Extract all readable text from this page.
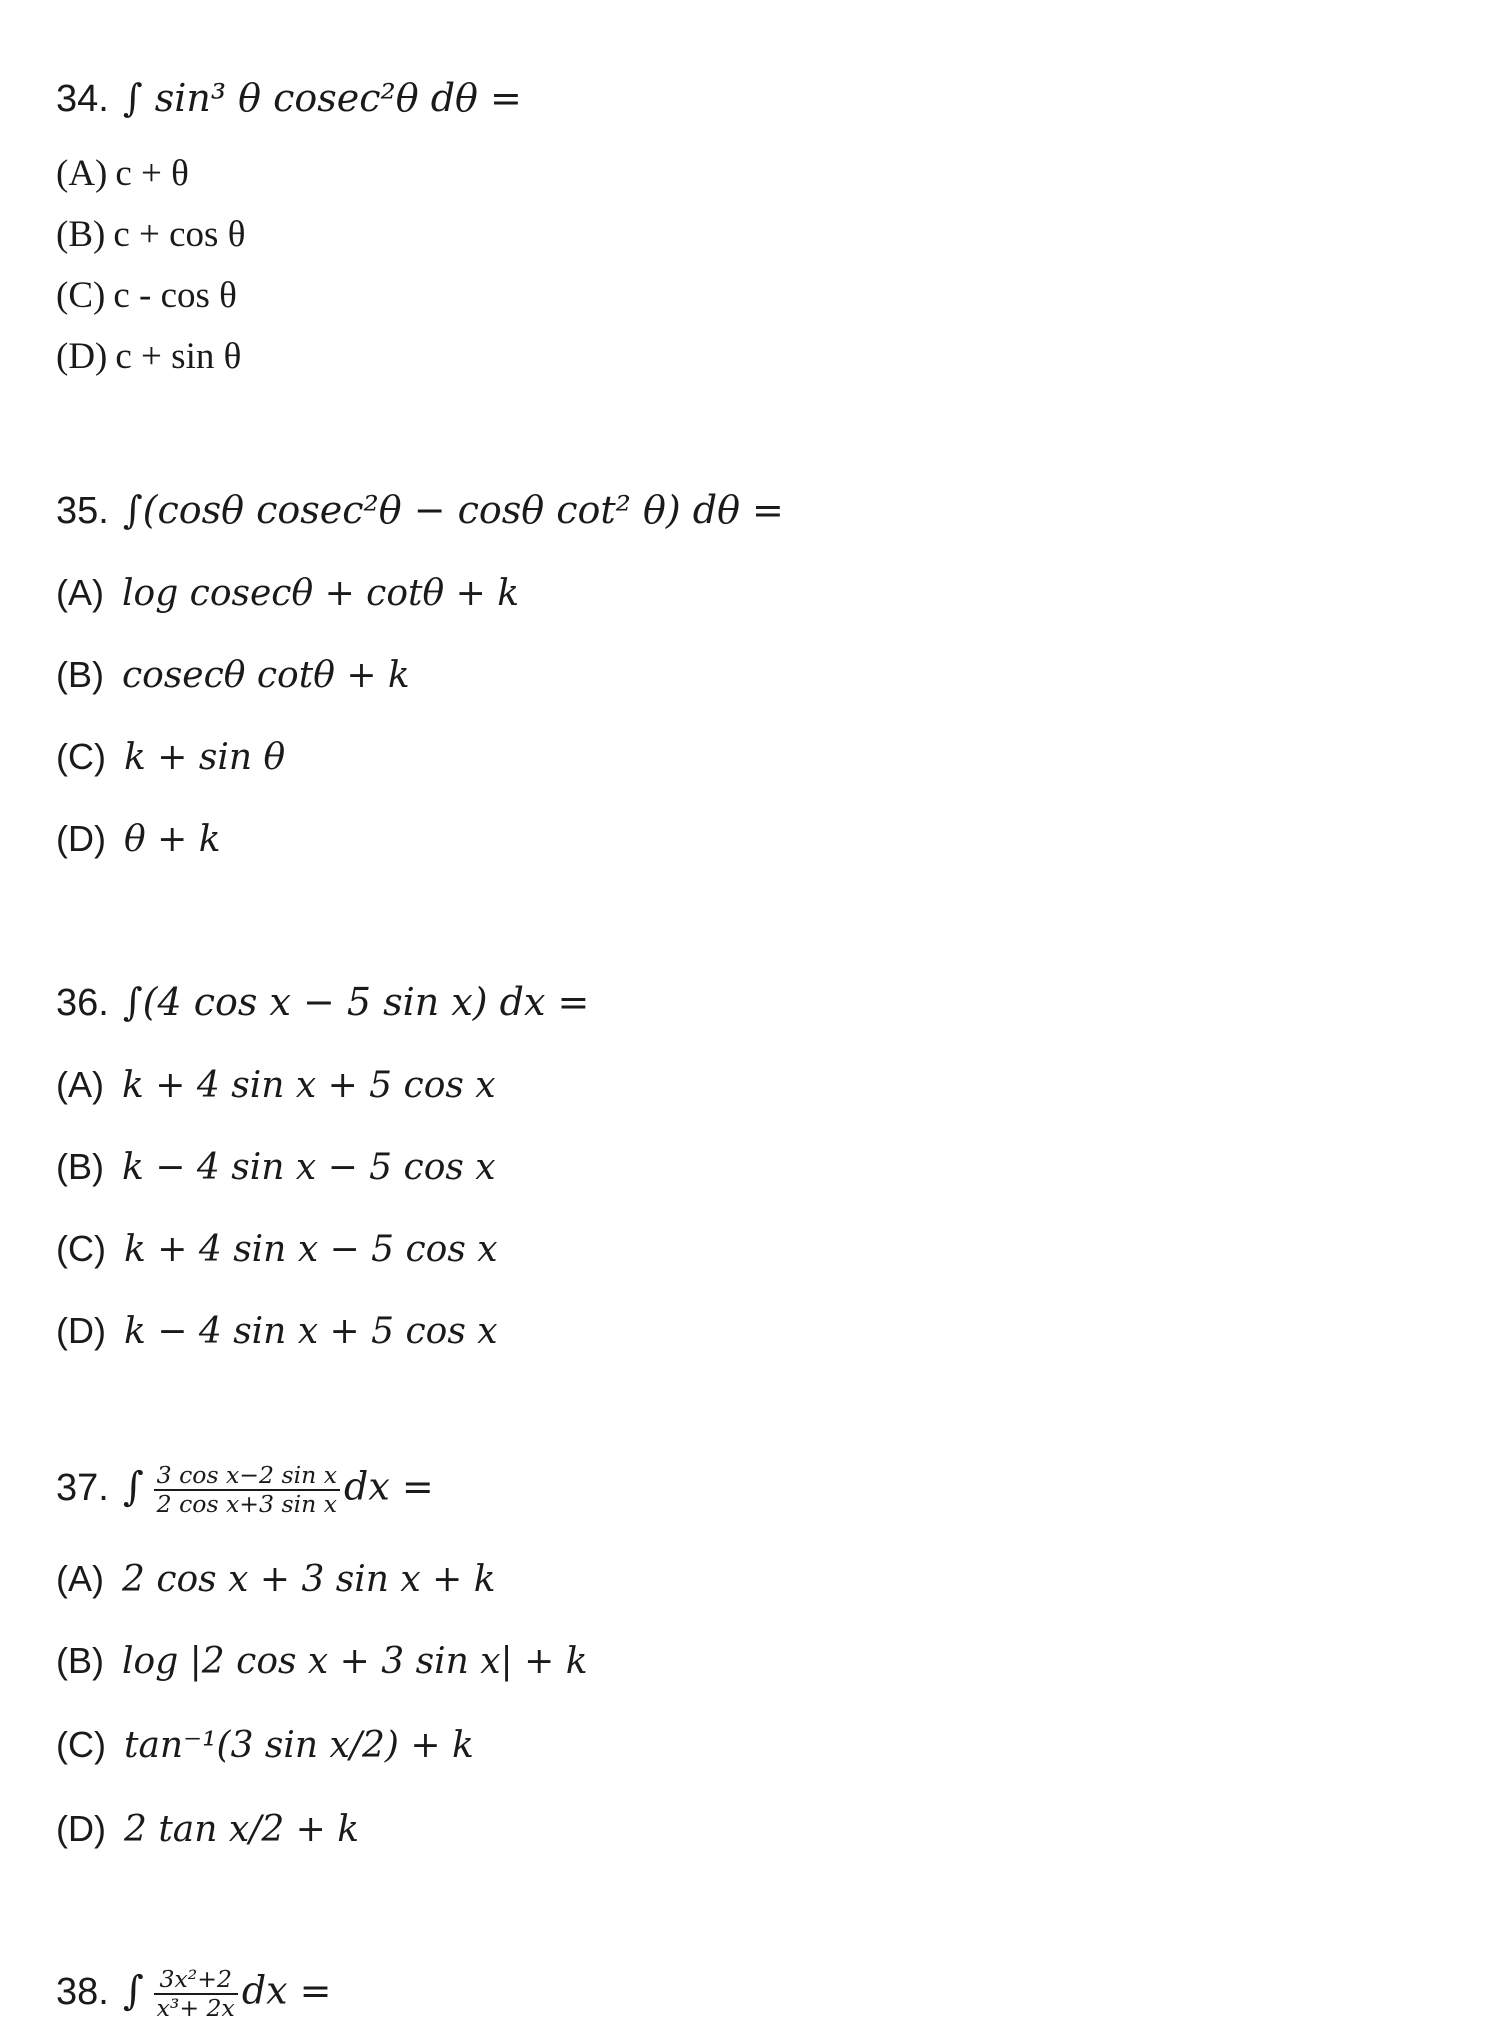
34. ∫ sin³ θ cosec²θ dθ =
(A) c + θ
(B) c + cos θ
(C) c - cos θ
(D) c + sin θ
35. ∫(cosθ cosec²θ − cosθ cot² θ) dθ =
(A) log cosecθ + cotθ + k
(B) cosecθ cotθ + k
(C) k + sin θ
(D) θ + k
36. ∫(4 cos x − 5 sin x) dx =
(A) k + 4 sin x + 5 cos x
(B) k − 4 sin x − 5 cos x
(C) k + 4 sin x − 5 cos x
(D) k − 4 sin x + 5 cos x
37. ∫ $\frac{\text{3 cos x−2 sin x}}{\text{2 cos x+3 sin x}}$ dx =
(A) 2 cos x + 3 sin x + k
(B) log |2 cos x + 3 sin x| + k
(C) tan⁻¹(3 sin x/2) + k
(D) 2 tan x/2 + k
38. ∫ $\frac{\text{3x²+2}}{\text{x³+ 2x}}$ dx =
